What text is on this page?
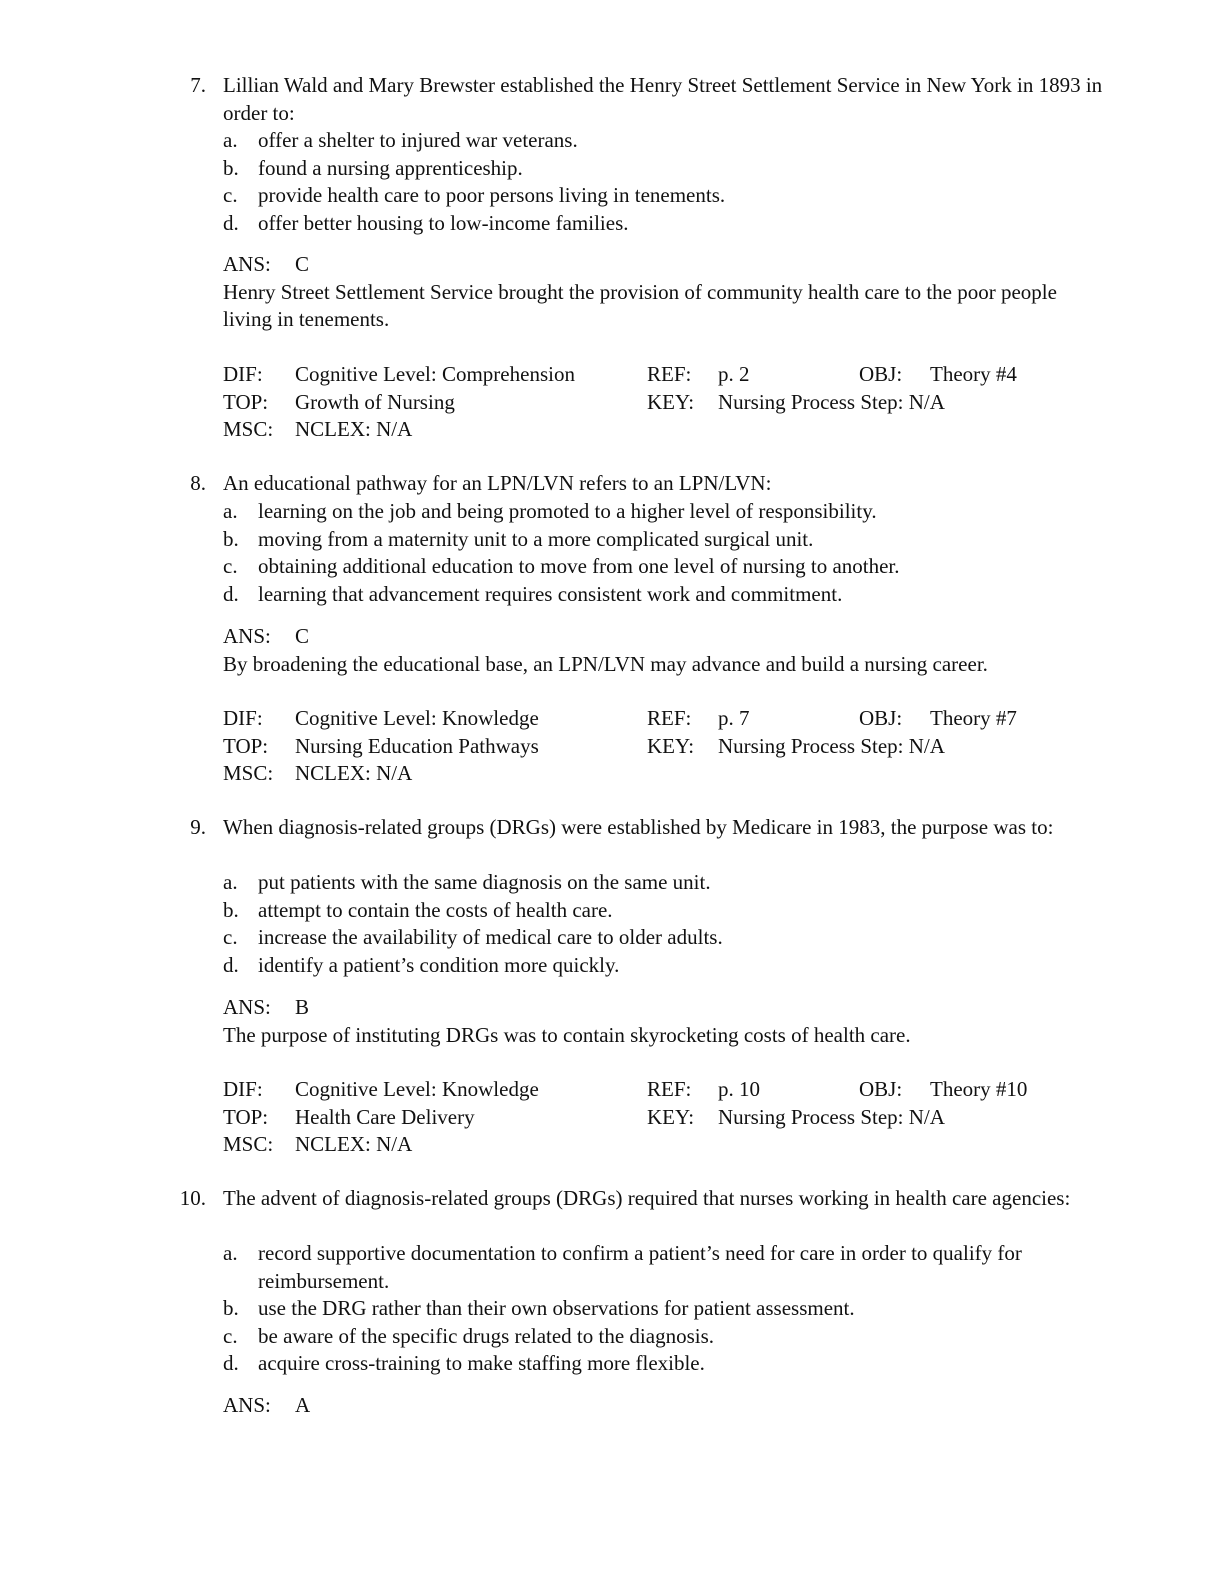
7. Lillian Wald and Mary Brewster established the Henry Street Settlement Service in New York in 1893 in order to:
a. offer a shelter to injured war veterans.
b. found a nursing apprenticeship.
c. provide health care to poor persons living in tenements.
d. offer better housing to low-income families.
ANS: C
Henry Street Settlement Service brought the provision of community health care to the poor people living in tenements.
DIF: Cognitive Level: Comprehension	REF: p. 2	OBJ: Theory #4
TOP: Growth of Nursing	KEY: Nursing Process Step: N/A
MSC: NCLEX: N/A
8. An educational pathway for an LPN/LVN refers to an LPN/LVN:
a. learning on the job and being promoted to a higher level of responsibility.
b. moving from a maternity unit to a more complicated surgical unit.
c. obtaining additional education to move from one level of nursing to another.
d. learning that advancement requires consistent work and commitment.
ANS: C
By broadening the educational base, an LPN/LVN may advance and build a nursing career.
DIF: Cognitive Level: Knowledge	REF: p. 7	OBJ: Theory #7
TOP: Nursing Education Pathways	KEY: Nursing Process Step: N/A
MSC: NCLEX: N/A
9. When diagnosis-related groups (DRGs) were established by Medicare in 1983, the purpose was to:
a. put patients with the same diagnosis on the same unit.
b. attempt to contain the costs of health care.
c. increase the availability of medical care to older adults.
d. identify a patient’s condition more quickly.
ANS: B
The purpose of instituting DRGs was to contain skyrocketing costs of health care.
DIF: Cognitive Level: Knowledge	REF: p. 10	OBJ: Theory #10
TOP: Health Care Delivery	KEY: Nursing Process Step: N/A
MSC: NCLEX: N/A
10. The advent of diagnosis-related groups (DRGs) required that nurses working in health care agencies:
a. record supportive documentation to confirm a patient’s need for care in order to qualify for reimbursement.
b. use the DRG rather than their own observations for patient assessment.
c. be aware of the specific drugs related to the diagnosis.
d. acquire cross-training to make staffing more flexible.
ANS: A
